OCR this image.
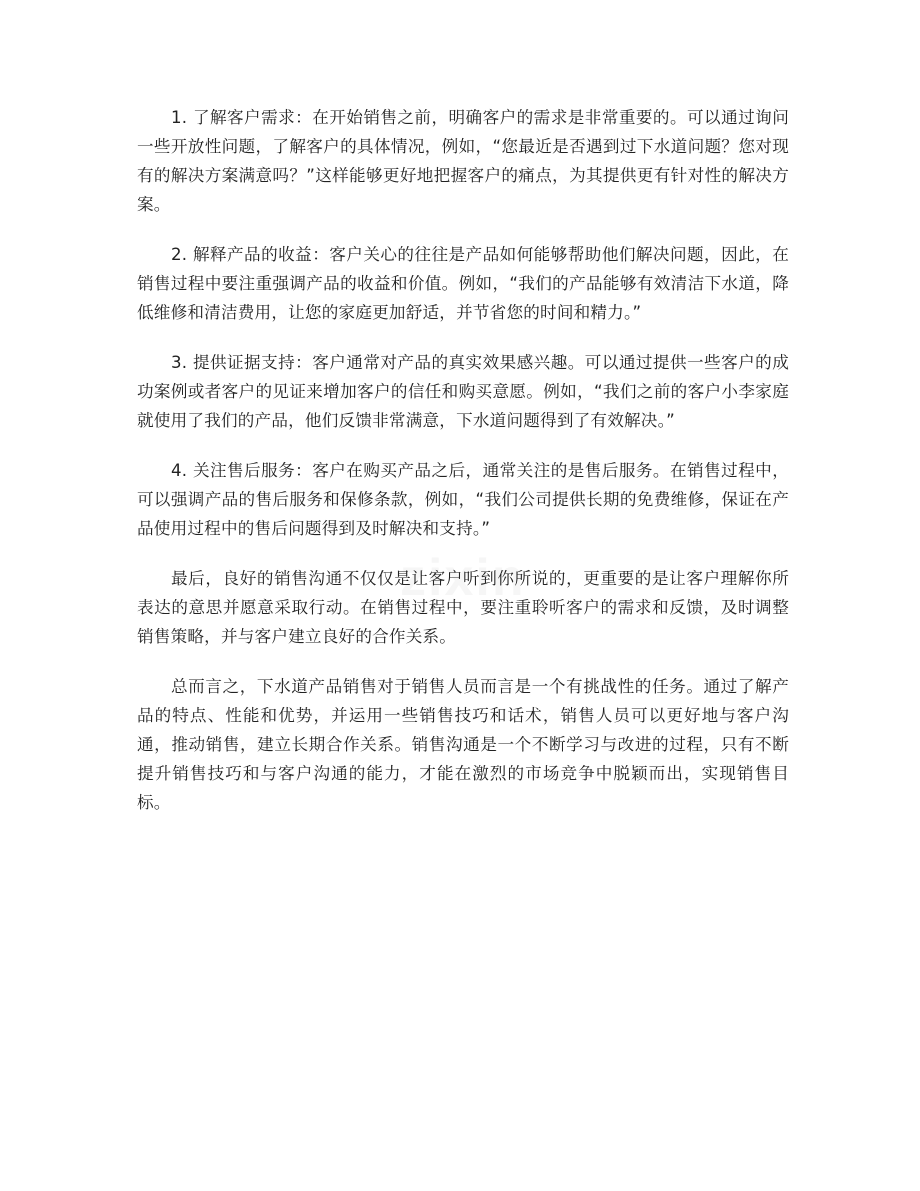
1. 了解客户需求：在开始销售之前，明确客户的需求是非常重要的。可以通过询问一些开放性问题，了解客户的具体情况，例如，“您最近是否遇到过下水道问题？您对现有的解决方案满意吗？”这样能够更好地把握客户的痛点，为其提供更有针对性的解决方案。

2. 解释产品的收益：客户关心的往往是产品如何能够帮助他们解决问题，因此，在销售过程中要注重强调产品的收益和价值。例如，“我们的产品能够有效清洁下水道，降低维修和清洁费用，让您的家庭更加舒适，并节省您的时间和精力。”

3. 提供证据支持：客户通常对产品的真实效果感兴趣。可以通过提供一些客户的成功案例或者客户的见证来增加客户的信任和购买意愿。例如，“我们之前的客户小李家庭就使用了我们的产品，他们反馈非常满意，下水道问题得到了有效解决。”

4. 关注售后服务：客户在购买产品之后，通常关注的是售后服务。在销售过程中，可以强调产品的售后服务和保修条款，例如，“我们公司提供长期的免费维修，保证在产品使用过程中的售后问题得到及时解决和支持。”

最后，良好的销售沟通不仅仅是让客户听到你所说的，更重要的是让客户理解你所表达的意思并愿意采取行动。在销售过程中，要注重聆听客户的需求和反馈，及时调整销售策略，并与客户建立良好的合作关系。

总而言之，下水道产品销售对于销售人员而言是一个有挑战性的任务。通过了解产品的特点、性能和优势，并运用一些销售技巧和话术，销售人员可以更好地与客户沟通，推动销售，建立长期合作关系。销售沟通是一个不断学习与改进的过程，只有不断提升销售技巧和与客户沟通的能力，才能在激烈的市场竞争中脱颖而出，实现销售目标。
